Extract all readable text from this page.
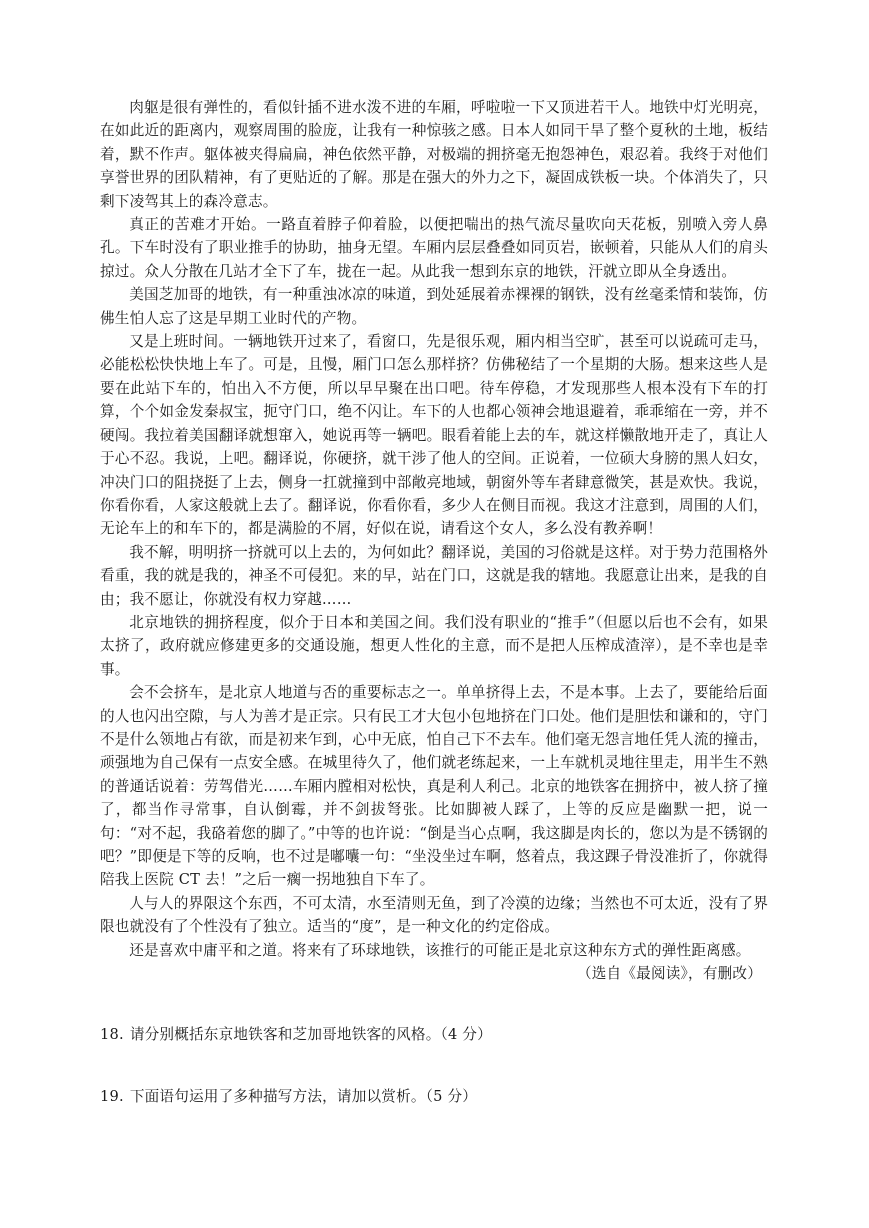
肉躯是很有弹性的，看似针插不进水泼不进的车厢，呼啦啦一下又顶进若干人。地铁中灯光明亮，在如此近的距离内，观察周围的脸庞，让我有一种惊骇之感。日本人如同干旱了整个夏秋的土地，板结着，默不作声。躯体被夹得扁扁，神色依然平静，对极端的拥挤毫无抱怨神色，艰忍着。我终于对他们享誉世界的团队精神，有了更贴近的了解。那是在强大的外力之下，凝固成铁板一块。个体消失了，只剩下凌驾其上的森冷意志。

真正的苦难才开始。一路直着脖子仰着脸，以便把喘出的热气流尽量吹向天花板，别喷入旁人鼻孔。下车时没有了职业推手的协助，抽身无望。车厢内层层叠叠如同页岩，嵌顿着，只能从人们的肩头掠过。众人分散在几站才全下了车，拢在一起。从此我一想到东京的地铁，汗就立即从全身透出。

美国芝加哥的地铁，有一种重浊冰凉的味道，到处延展着赤裸裸的钢铁，没有丝毫柔情和装饰，仿佛生怕人忘了这是早期工业时代的产物。

又是上班时间。一辆地铁开过来了，看窗口，先是很乐观，厢内相当空旷，甚至可以说疏可走马，必能松松快快地上车了。可是，且慢，厢门口怎么那样挤？仿佛秘结了一个星期的大肠。想来这些人是要在此站下车的，怕出入不方便，所以早早聚在出口吧。待车停稳，才发现那些人根本没有下车的打算，个个如金发秦叔宝，扼守门口，绝不闪让。车下的人也都心领神会地退避着，乖乖缩在一旁，并不硬闯。我拉着美国翻译就想窜入，她说再等一辆吧。眼看着能上去的车，就这样懒散地开走了，真让人于心不忍。我说，上吧。翻译说，你硬挤，就干涉了他人的空间。正说着，一位硕大身膀的黑人妇女，冲决门口的阻挠挺了上去，侧身一扛就撞到中部敞亮地域，朝窗外等车者肆意微笑，甚是欢快。我说，你看你看，人家这般就上去了。翻译说，你看你看，多少人在侧目而视。我这才注意到，周围的人们，无论车上的和车下的，都是满脸的不屑，好似在说，请看这个女人，多么没有教养啊！

我不解，明明挤一挤就可以上去的，为何如此？翻译说，美国的习俗就是这样。对于势力范围格外看重，我的就是我的，神圣不可侵犯。来的早，站在门口，这就是我的辖地。我愿意让出来，是我的自由；我不愿让，你就没有权力穿越……

北京地铁的拥挤程度，似介于日本和美国之间。我们没有职业的“推手”（但愿以后也不会有，如果太挤了，政府就应修建更多的交通设施，想更人性化的主意，而不是把人压榨成渣滓），是不幸也是幸事。

会不会挤车，是北京人地道与否的重要标志之一。单单挤得上去，不是本事。上去了，要能给后面的人也闪出空隙，与人为善才是正宗。只有民工才大包小包地挤在门口处。他们是胆怯和谦和的，守门不是什么领地占有欲，而是初来乍到，心中无底，怕自己下不去车。他们毫无怨言地任凭人流的撞击，顽强地为自己保有一点安全感。在城里待久了，他们就老练起来，一上车就机灵地往里走，用半生不熟的普通话说着：劳驾借光……车厢内膛相对松快，真是利人利己。北京的地铁客在拥挤中，被人挤了撞了，都当作寻常事，自认倒霉，并不剑拔弩张。比如脚被人踩了，上等的反应是幽默一把，说一句：“对不起，我硌着您的脚了。”中等的也许说：“倒是当心点啊，我这脚是肉长的，您以为是不锈钢的吧？”即便是下等的反响，也不过是嘟囔一句：“坐没坐过车啊，悠着点，我这踝子骨没准折了，你就得陪我上医院 CT 去！”之后一瘸一拐地独自下车了。

人与人的界限这个东西，不可太清，水至清则无鱼，到了冷漠的边缘；当然也不可太近，没有了界限也就没有了个性没有了独立。适当的“度”，是一种文化的约定俗成。

还是喜欢中庸平和之道。将来有了环球地铁，该推行的可能正是北京这种东方式的弹性距离感。

（选自《最阅读》，有删改）

18. 请分别概括东京地铁客和芝加哥地铁客的风格。（4 分）

19. 下面语句运用了多种描写方法，请加以赏析。（5 分）
